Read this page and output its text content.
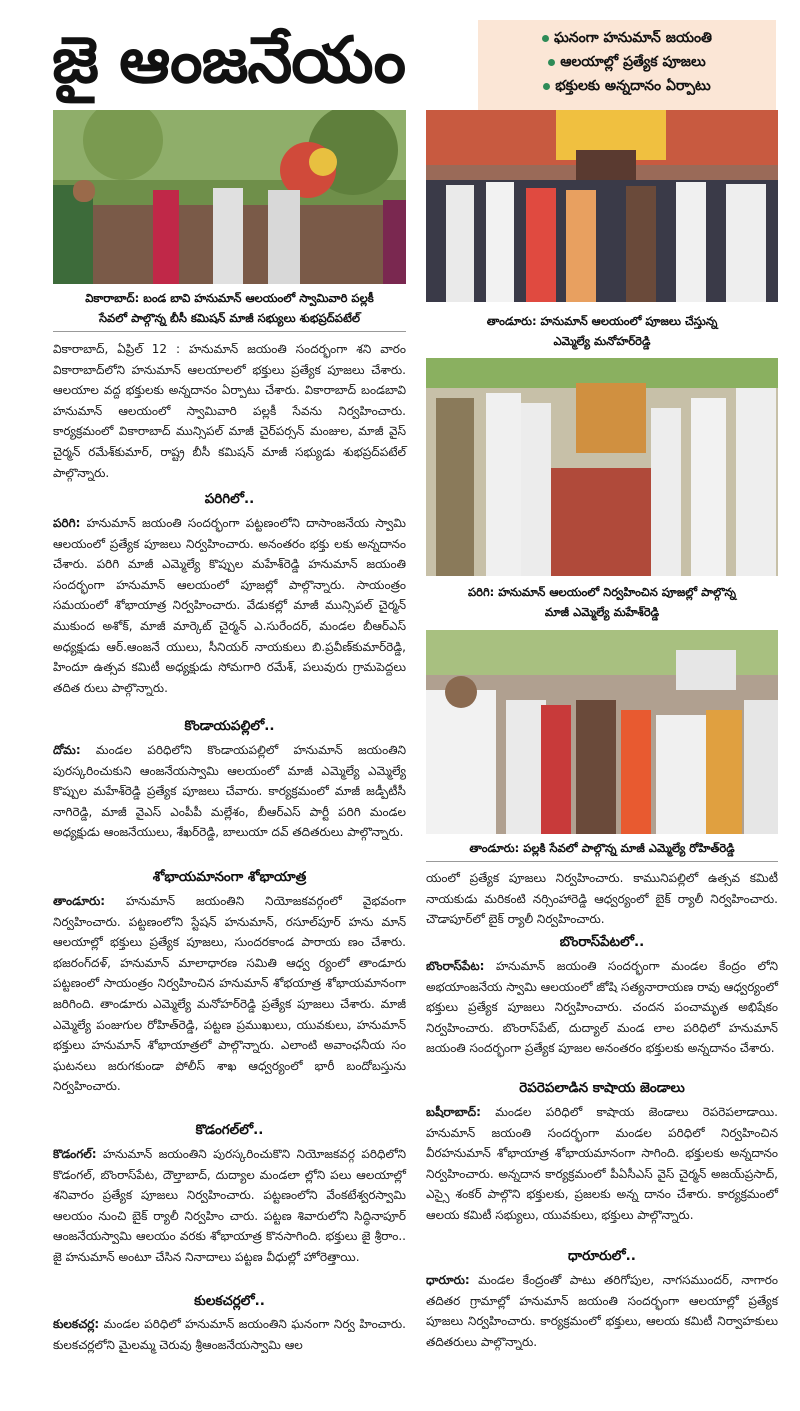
జై ఆంజనేయం	ఘనంగా హనుమాన్ జయంతి
ఆలయాల్లో ప్రత్యేక పూజలు
భక్తులకు అన్నదానం ఏర్పాటు
వికారాబాద్: బండ బావి హనుమాన్ ఆలయంలో స్వామివారి పల్లకీ
సేవలో పాల్గొన్న బీసీ కమిషన్ మాజీ సభ్యులు శుభప్రద్‌పటేల్	తాండూరు: హనుమాన్ ఆలయంలో పూజలు చేస్తున్న
ఎమ్మెల్యే మనోహర్‌రెడ్డి
పరిగి: హనుమాన్ ఆలయంలో నిర్వహించిన పూజల్లో పాల్గొన్న
మాజీ ఎమ్మెల్యే మహేశ్‌రెడ్డి
తాండూరు: పల్లకి సేవలో పాల్గొన్న మాజీ ఎమ్మెల్యే రోహిత్‌రెడ్డి

వికారాబాద్, ఏప్రిల్ 12 : హనుమాన్ జయంతి సందర్భంగా శని వారం వికారాబాద్‌లోని హనుమాన్ ఆలయాలలో భక్తులు ప్రత్యేక పూజలు చేశారు. ఆలయాల వద్ద భక్తులకు అన్నదానం ఏర్పాటు చేశారు. వికారాబాద్ బండబావి హనుమాన్ ఆలయంలో స్వామివారి పల్లకీ సేవను నిర్వహించారు. కార్యక్రమంలో వికారాబాద్ మున్సిపల్ మాజీ చైర్‌పర్సన్ మంజుల, మాజీ వైస్ చైర్మన్ రమేశ్‌కుమార్, రాష్ట్ర బీసీ కమిషన్ మాజీ సభ్యుడు శుభప్రద్‌పటేల్ పాల్గొన్నారు.

పరిగిలో..

పరిగి: హనుమాన్ జయంతి సందర్భంగా పట్టణంలోని దాసాంజనేయ స్వామి ఆలయంలో ప్రత్యేక పూజలు నిర్వహించారు. అనంతరం భక్తు లకు అన్నదానం చేశారు. పరిగి మాజీ ఎమ్మెల్యే కొప్పుల మహేశ్‌రెడ్డి హనుమాన్ జయంతి సందర్భంగా హనుమాన్ ఆలయంలో పూజల్లో పాల్గొన్నారు. సాయంత్రం సమయంలో శోభాయాత్ర నిర్వహించారు. వేడుకల్లో మాజీ మున్సిపల్ చైర్మన్ ముకుంద అశోక్, మాజీ మార్కెట్ చైర్మన్ ఎ.సురేందర్, మండల బీఆర్‌ఎస్ అధ్యక్షుడు ఆర్.ఆంజనే యులు, సీనియర్ నాయకులు బి.ప్రవీణ్‌కుమార్‌రెడ్డి, హిందూ ఉత్సవ కమిటీ అధ్యక్షుడు సోమగారి రమేశ్, పలువురు గ్రామపెద్దలు తదిత రులు పాల్గొన్నారు.

కొండాయపల్లిలో..

దోమ: మండల పరిధిలోని కొండాయపల్లిలో హనుమాన్ జయంతిని పురస్కరించుకుని ఆంజనేయస్వామి ఆలయంలో మాజీ ఎమ్మెల్యే ఎమ్మెల్యే కొప్పుల మహేశ్‌రెడ్డి ప్రత్యేక పూజలు చేవారు. కార్యక్రమంలో మాజీ జడ్పీటీసీ నాగిరెడ్డి, మాజీ వైఎస్ ఎంపీపీ మల్లేశం, బీఆర్‌ఎస్ పార్టీ పరిగి మండల అధ్యక్షుడు ఆంజనేయులు, శేఖర్‌రెడ్డి, బాలుయా దవ్ తదితరులు పాల్గొన్నారు.

శోభాయమానంగా శోభాయాత్ర

తాండూరు: హనుమాన్ జయంతిని నియోజకవర్గంలో వైభవంగా నిర్వహించారు. పట్టణంలోని స్టేషన్ హనుమాన్, రసూల్‌పూర్ హను మాన్ ఆలయాల్లో భక్తులు ప్రత్యేక పూజలు, సుందరకాండ పారాయ ణం చేశారు. భజరంగ్‌దళ్, హనుమాన్ మాలాధారణ సమితి ఆధ్వ ర్యంలో తాండూరు పట్టణంలో సాయంత్రం నిర్వహించిన హనుమాన్ శోభయాత్ర శోభాయమానంగా జరిగింది. తాండూరు ఎమ్మెల్యే మనోహర్‌రెడ్డి ప్రత్యేక పూజలు చేశారు. మాజీ ఎమ్మెల్యే పంజుగుల రోహిత్‌రెడ్డి, పట్టణ ప్రముఖులు, యువకులు, హనుమాన్ భక్తులు హనుమాన్ శోభాయాత్రలో పాల్గొన్నారు. ఎలాంటి అవాంఛనీయ సం ఘటనలు జరుగకుండా పోలీస్ శాఖ ఆధ్వర్యంలో భారీ బందోబస్తును నిర్వహించారు.

కొడంగల్‌లో..

కొడంగల్: హనుమాన్ జయంతిని పురస్కరించుకొని నియోజకవర్గ పరిధిలోని కొడంగల్, బొంరాస్‌పేట, దౌల్తాబాద్, దుద్యాల మండలా ల్లోని పలు ఆలయాల్లో శనివారం ప్రత్యేక పూజలు నిర్వహించారు. పట్టణంలోని వేంకటేశ్వరస్వామి ఆలయం నుంచి బైక్ ర్యాలీ నిర్వహిం చారు. పట్టణ శివారులోని సిద్ధినాపూర్ ఆంజనేయస్వామి ఆలయం వరకు శోభాయాత్ర కొనసాగింది. భక్తులు జై శ్రీరాం.. జై హనుమాన్ అంటూ చేసిన నినాదాలు పట్టణ వీధుల్లో హోరెత్తాయి.

కులకచర్లలో..

కులకచర్ల: మండల పరిధిలో హనుమాన్ జయంతిని ఘనంగా నిర్వ హించారు. కులకచర్లలోని మైలమ్మ చెరువు శ్రీఆంజనేయస్వామి ఆల

యంలో ప్రత్యేక పూజలు నిర్వహించారు. కామునిపల్లిలో ఉత్సవ కమిటీ నాయకుడు మరికంటి నర్సింహారెడ్డి ఆధ్వర్యంలో బైక్ ర్యాలీ నిర్వహించారు. చౌడాపూర్‌లో బైక్ ర్యాలీ నిర్వహించారు.

బొంరాస్‌పేటలో..

బొంరాస్‌పేట: హనుమాన్ జయంతి సందర్భంగా మండల కేంద్రం లోని అభయాంజనేయ స్వామి ఆలయంలో జోషి సత్యనారాయణ రావు ఆధ్వర్యంలో భక్తులు ప్రత్యేక పూజలు నిర్వహించారు. చందన పంచామృత అభిషేకం నిర్వహించారు. బొంరాస్‌పేట్, దుద్యాల్ మండ లాల పరిధిలో హనుమాన్ జయంతి సందర్భంగా ప్రత్యేక పూజల అనంతరం భక్తులకు అన్నదానం చేశారు.

రెపరెపలాడిన కాషాయ జెండాలు

బషీరాబాద్: మండల పరిధిలో కాషాయ జెండాలు రెపరెపలాడాయి. హనుమాన్ జయంతి సందర్భంగా మండల పరిధిలో నిర్వహించిన వీరహనుమాన్ శోభాయాత్ర శోభాయమానంగా సాగింది. భక్తులకు అన్నదానం నిర్వహించారు. అన్నదాన కార్యక్రమంలో పీఏసీఎస్ వైస్ చైర్మన్ అజయ్‌ప్రసాద్, ఎస్సై శంకర్ పాల్గొని భక్తులకు, ప్రజలకు అన్న దానం చేశారు. కార్యక్రమంలో ఆలయ కమిటీ సభ్యులు, యువకులు, భక్తులు పాల్గొన్నారు.

ధారూరులో..

ధారూరు: మండల కేంద్రంతో పాటు తరిగోపుల, నాగసముందర్, నాగారం తదితర గ్రామాల్లో హనుమాన్ జయంతి సందర్భంగా ఆలయాల్లో ప్రత్యేక పూజలు నిర్వహించారు. కార్యక్రమంలో భక్తులు, ఆలయ కమిటీ నిర్వాహకులు తదితరులు పాల్గొన్నారు.
